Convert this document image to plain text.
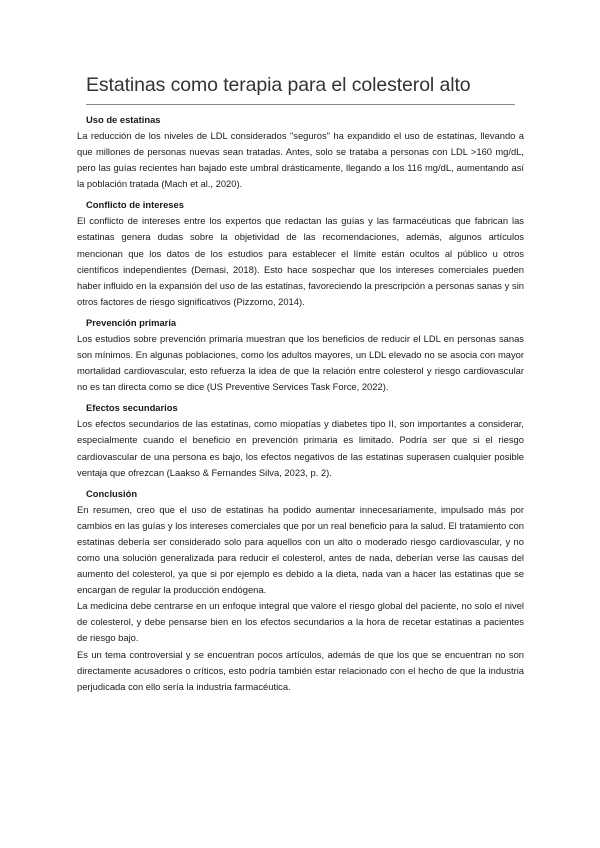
Estatinas como terapia para el colesterol alto
Uso de estatinas

La reducción de los niveles de LDL considerados "seguros" ha expandido el uso de estatinas, llevando a que millones de personas nuevas sean tratadas. Antes, solo se trataba a personas con LDL >160 mg/dL, pero las guías recientes han bajado este umbral drásticamente, llegando a los 116 mg/dL, aumentando así la población tratada (Mach et al., 2020).

Conflicto de intereses

El conflicto de intereses entre los expertos que redactan las guías y las farmacéuticas que fabrican las estatinas genera dudas sobre la objetividad de las recomendaciones, además, algunos artículos mencionan que los datos de los estudios para establecer el límite están ocultos al público u otros científicos independientes (Demasi, 2018). Esto hace sospechar que los intereses comerciales pueden haber influido en la expansión del uso de las estatinas, favoreciendo la prescripción a personas sanas y sin otros factores de riesgo significativos (Pizzorno, 2014).

Prevención primaria

Los estudios sobre prevención primaria muestran que los beneficios de reducir el LDL en personas sanas son mínimos. En algunas poblaciones, como los adultos mayores, un LDL elevado no se asocia con mayor mortalidad cardiovascular, esto refuerza la idea de que la relación entre colesterol y riesgo cardiovascular no es tan directa como se dice (US Preventive Services Task Force, 2022).

Efectos secundarios

Los efectos secundarios de las estatinas, como miopatías y diabetes tipo II, son importantes a considerar, especialmente cuando el beneficio en prevención primaria es limitado. Podría ser que si el riesgo cardiovascular de una persona es bajo, los efectos negativos de las estatinas superasen cualquier posible ventaja que ofrezcan (Laakso & Fernandes Silva, 2023, p. 2).

Conclusión

En resumen, creo que el uso de estatinas ha podido aumentar innecesariamente, impulsado más por cambios en las guías y los intereses comerciales que por un real beneficio para la salud. El tratamiento con estatinas debería ser considerado solo para aquellos con un alto o moderado riesgo cardiovascular, y no como una solución generalizada para reducir el colesterol, antes de nada, deberían verse las causas del aumento del colesterol, ya que si por ejemplo es debido a la dieta, nada van a hacer las estatinas que se encargan de regular la producción endógena.

La medicina debe centrarse en un enfoque integral que valore el riesgo global del paciente, no solo el nivel de colesterol, y debe pensarse bien en los efectos secundarios a la hora de recetar estatinas a pacientes de riesgo bajo.

Es un tema controversial y se encuentran pocos artículos, además de que los que se encuentran no son directamente acusadores o críticos, esto podría también estar relacionado con el hecho de que la industria perjudicada con ello sería la industria farmacéutica.
